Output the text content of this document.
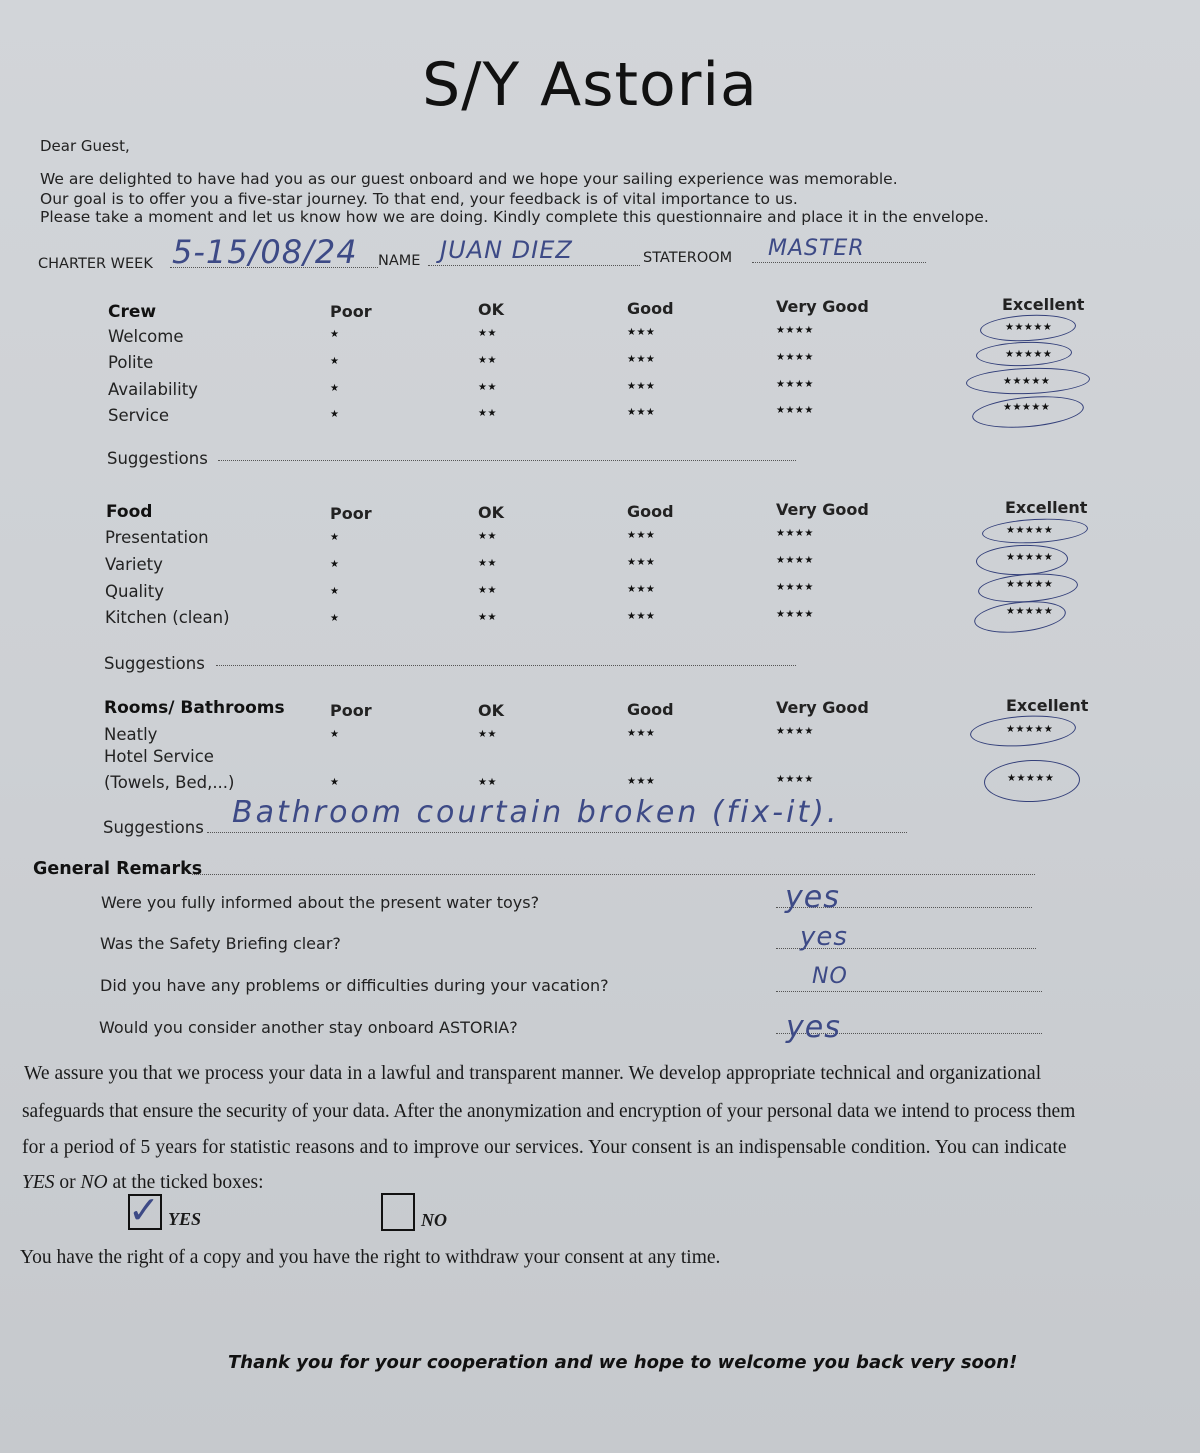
S/Y Astoria
Dear Guest,
We are delighted to have had you as our guest onboard and we hope your sailing experience was memorable.
Our goal is to offer you a five-star journey. To that end, your feedback is of vital importance to us.
Please take a moment and let us know how we are doing. Kindly complete this questionnaire and place it in the envelope.
CHARTER WEEK 5-15/08/24 NAME JUAN DIEZ	STATEROOM MASTER
Crew	Poor	OK	Good	Very Good	Excellent
Welcome	★	★★	★★★	★★★★	★★★★★
Polite	★	★★	★★★	★★★★	★★★★★
Availability	★	★★	★★★	★★★★	★★★★★
Service	★	★★	★★★	★★★★	★★★★★
Suggestions
Food	Poor	OK	Good	Very Good	Excellent
Presentation	★	★★	★★★	★★★★	★★★★★
Variety	★	★★	★★★	★★★★	★★★★★
Quality	★	★★	★★★	★★★★	★★★★★
Kitchen (clean)	★	★★	★★★	★★★★	★★★★★
Suggestions
Rooms/ Bathrooms	Poor	OK	Good	Very Good	Excellent
Neatly	★	★★	★★★	★★★★	★★★★★
Hotel Service
(Towels, Bed,...)	★	★★	★★★	★★★★	★★★★★
Suggestions Bathroom courtain broken (fix-it).
General Remarks
Were you fully informed about the present water toys?	yes
Was the Safety Briefing clear?	yes
Did you have any problems or difficulties during your vacation?	NO
Would you consider another stay onboard ASTORIA?	yes
We assure you that we process your data in a lawful and transparent manner. We develop appropriate technical and organizational
safeguards that ensure the security of your data. After the anonymization and encryption of your personal data we intend to process them
for a period of 5 years for statistic reasons and to improve our services. Your consent is an indispensable condition. You can indicate
YES or NO at the ticked boxes:
✓ YES	NO
You have the right of a copy and you have the right to withdraw your consent at any time.
Thank you for your cooperation and we hope to welcome you back very soon!
